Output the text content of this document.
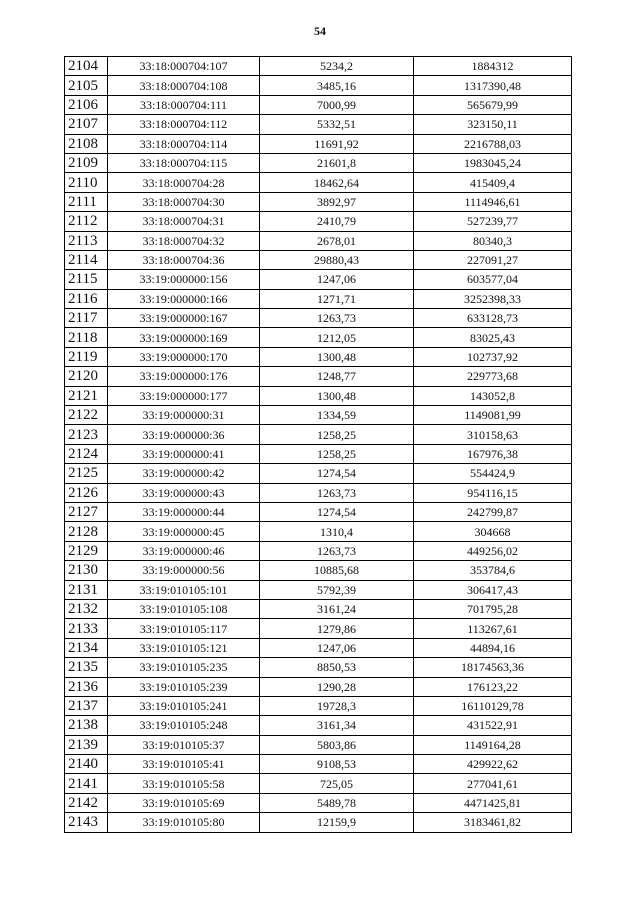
54
2104	33:18:000704:107	5234,2	1884312
2105	33:18:000704:108	3485,16	1317390,48
2106	33:18:000704:111	7000,99	565679,99
2107	33:18:000704:112	5332,51	323150,11
2108	33:18:000704:114	11691,92	2216788,03
2109	33:18:000704:115	21601,8	1983045,24
2110	33:18:000704:28	18462,64	415409,4
2111	33:18:000704:30	3892,97	1114946,61
2112	33:18:000704:31	2410,79	527239,77
2113	33:18:000704:32	2678,01	80340,3
2114	33:18:000704:36	29880,43	227091,27
2115	33:19:000000:156	1247,06	603577,04
2116	33:19:000000:166	1271,71	3252398,33
2117	33:19:000000:167	1263,73	633128,73
2118	33:19:000000:169	1212,05	83025,43
2119	33:19:000000:170	1300,48	102737,92
2120	33:19:000000:176	1248,77	229773,68
2121	33:19:000000:177	1300,48	143052,8
2122	33:19:000000:31	1334,59	1149081,99
2123	33:19:000000:36	1258,25	310158,63
2124	33:19:000000:41	1258,25	167976,38
2125	33:19:000000:42	1274,54	554424,9
2126	33:19:000000:43	1263,73	954116,15
2127	33:19:000000:44	1274,54	242799,87
2128	33:19:000000:45	1310,4	304668
2129	33:19:000000:46	1263,73	449256,02
2130	33:19:000000:56	10885,68	353784,6
2131	33:19:010105:101	5792,39	306417,43
2132	33:19:010105:108	3161,24	701795,28
2133	33:19:010105:117	1279,86	113267,61
2134	33:19:010105:121	1247,06	44894,16
2135	33:19:010105:235	8850,53	18174563,36
2136	33:19:010105:239	1290,28	176123,22
2137	33:19:010105:241	19728,3	16110129,78
2138	33:19:010105:248	3161,34	431522,91
2139	33:19:010105:37	5803,86	1149164,28
2140	33:19:010105:41	9108,53	429922,62
2141	33:19:010105:58	725,05	277041,61
2142	33:19:010105:69	5489,78	4471425,81
2143	33:19:010105:80	12159,9	3183461,82
